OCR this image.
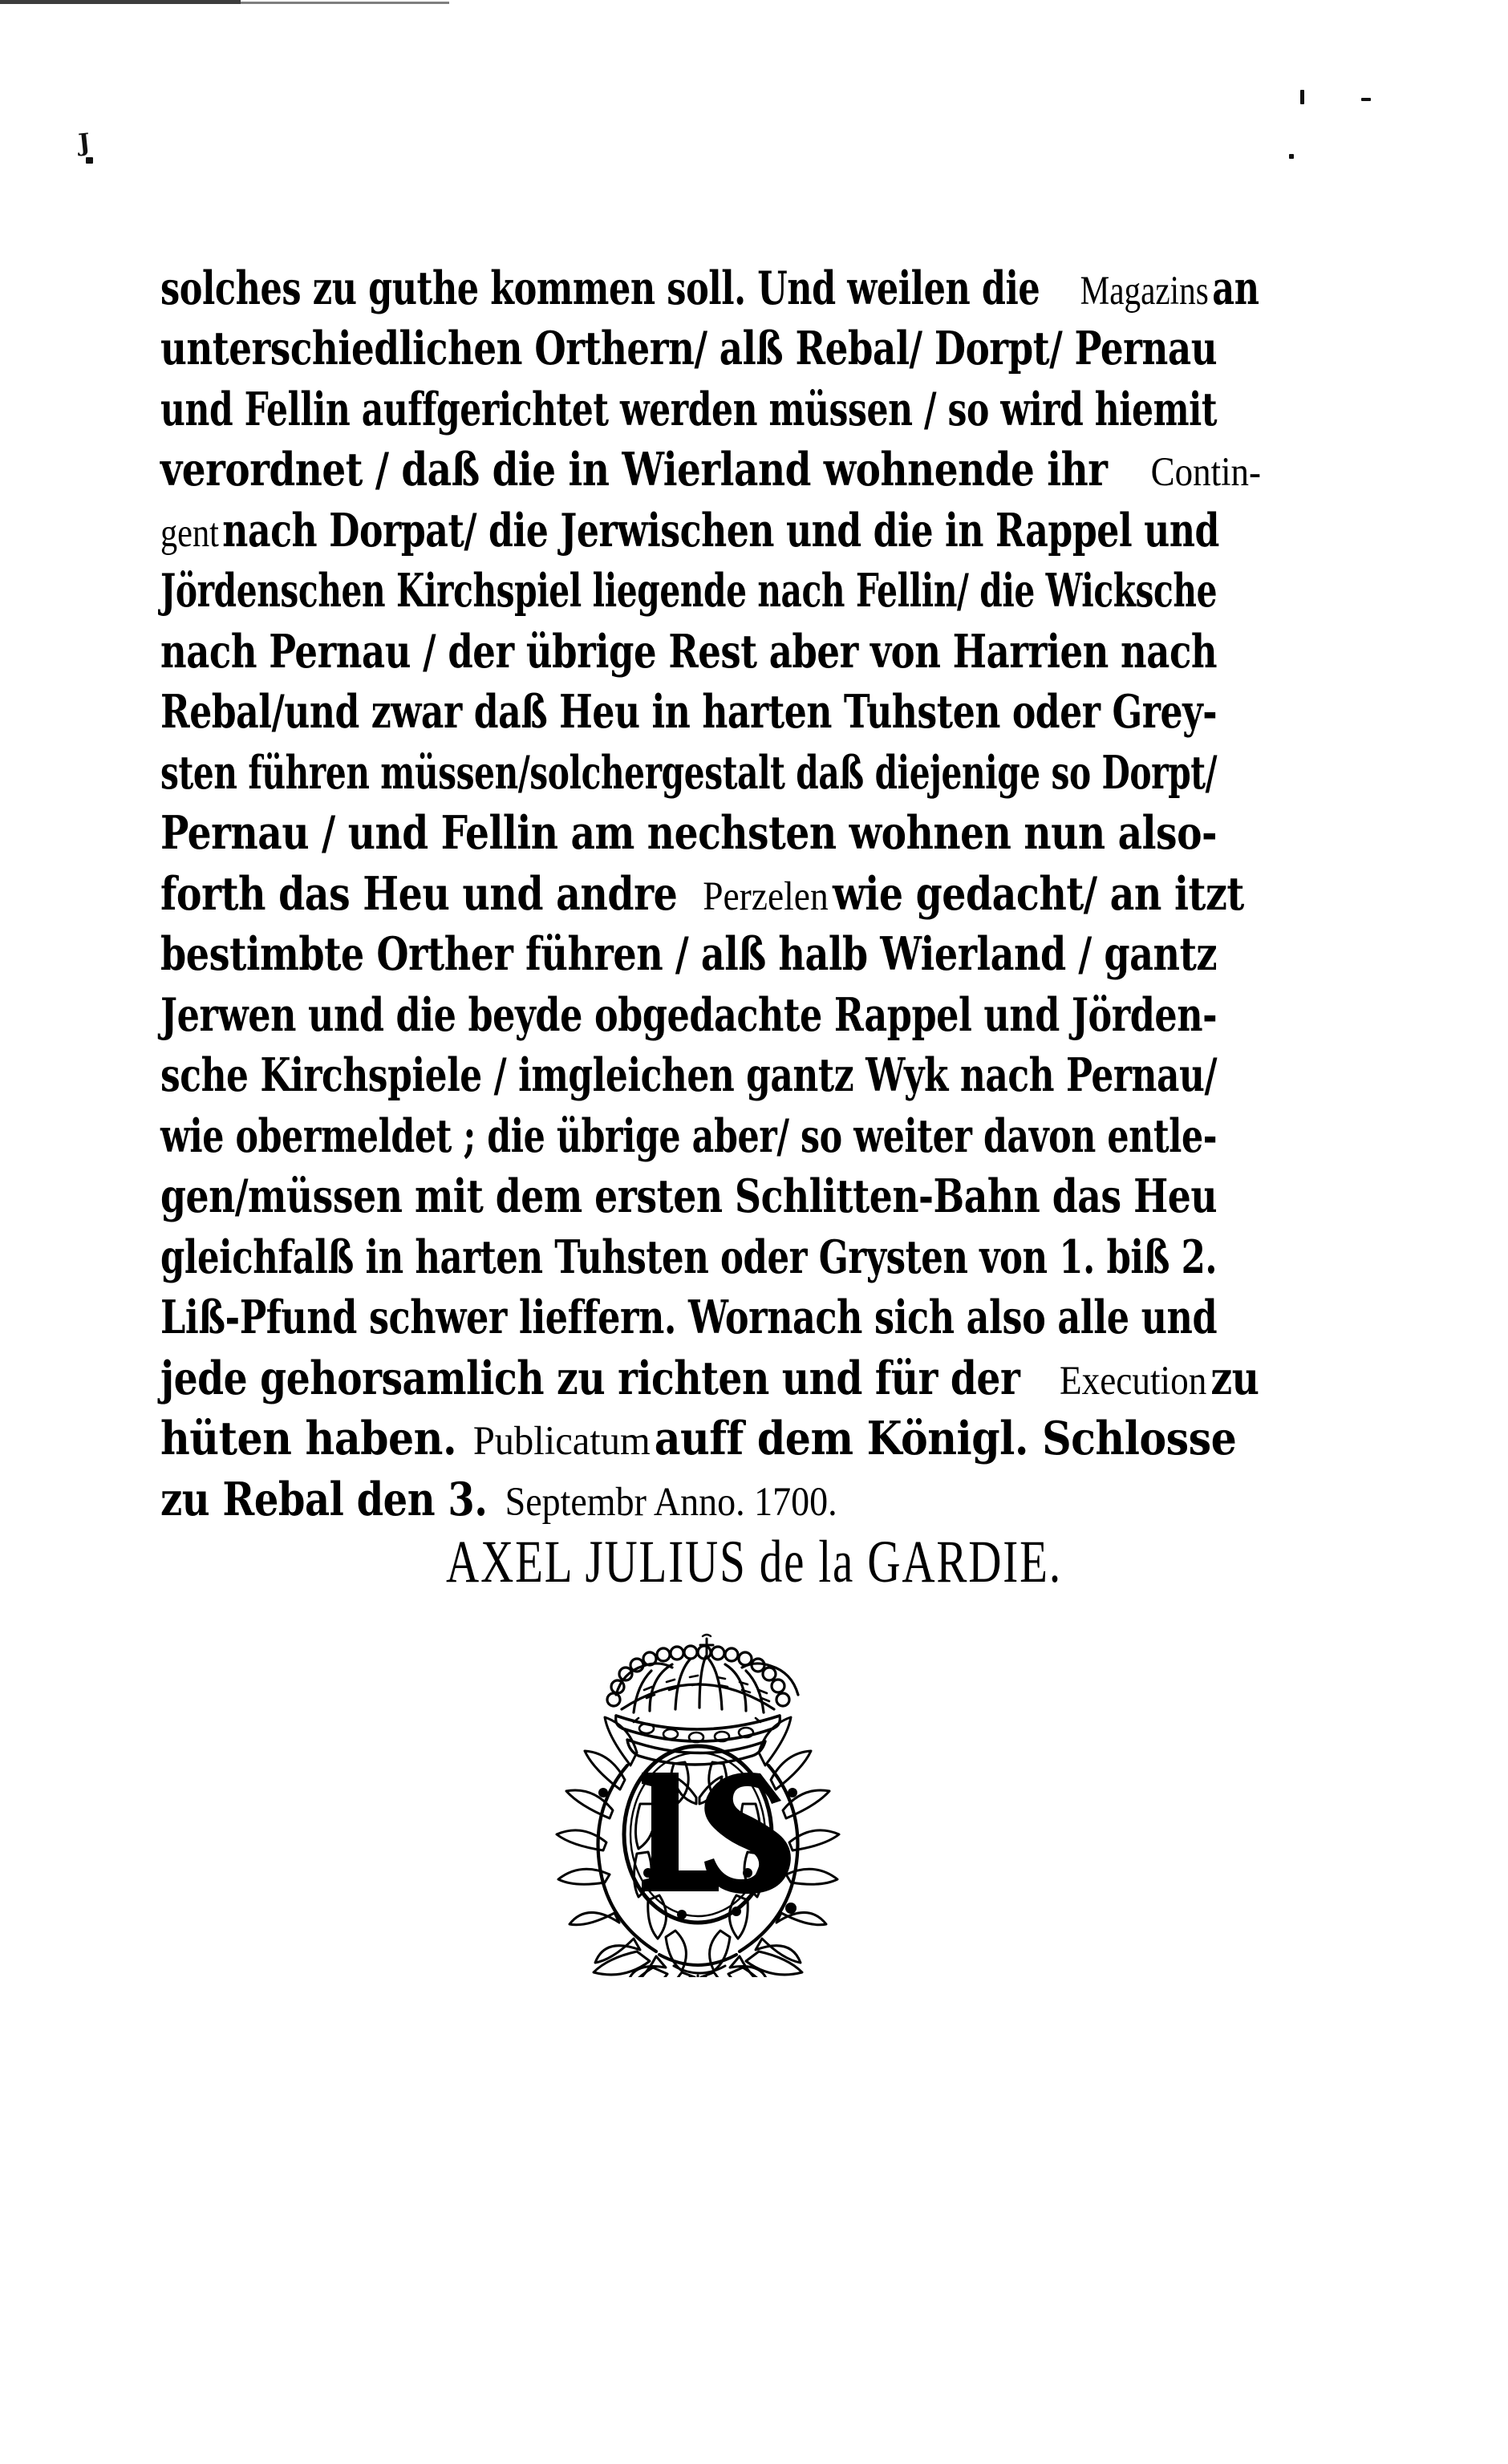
J
solches zu guthe kommen soll. Und weilen die Magazins an
unterschiedlichen Orthern/ alß Rebal/ Dorpt/ Pernau
und Fellin auffgerichtet werden müssen / so wird hiemit
verordnet / daß die in Wierland wohnende ihr Contin-
gent nach Dorpat/ die Jerwischen und die in Rappel und
Jördenschen Kirchspiel liegende nach Fellin/ die Wicksche
nach Pernau / der übrige Rest aber von Harrien nach
Rebal/und zwar daß Heu in harten Tuhsten oder Grey‐
sten führen müssen/solchergestalt daß diejenige so Dorpt/
Pernau / und Fellin am nechsten wohnen nun also‐
forth das Heu und andre Perzelen wie gedacht/ an itzt
bestimbte Orther führen / alß halb Wierland / gantz
Jerwen und die beyde obgedachte Rappel und Jörden‐
sche Kirchspiele / imgleichen gantz Wyk nach Pernau/
wie obermeldet ; die übrige aber/ so weiter davon entle‐
gen/müssen mit dem ersten Schlitten-Bahn das Heu
gleichfalß in harten Tuhsten oder Grysten von 1. biß 2.
Liß-Pfund schwer lieffern. Wornach sich also alle und
jede gehorsamlich zu richten und für der Execution zu
hüten haben. Publicatum auff dem Königl. Schlosse
zu Rebal den 3. Septembr Anno. 1700.
AXEL JULIUS de la GARDIE.
